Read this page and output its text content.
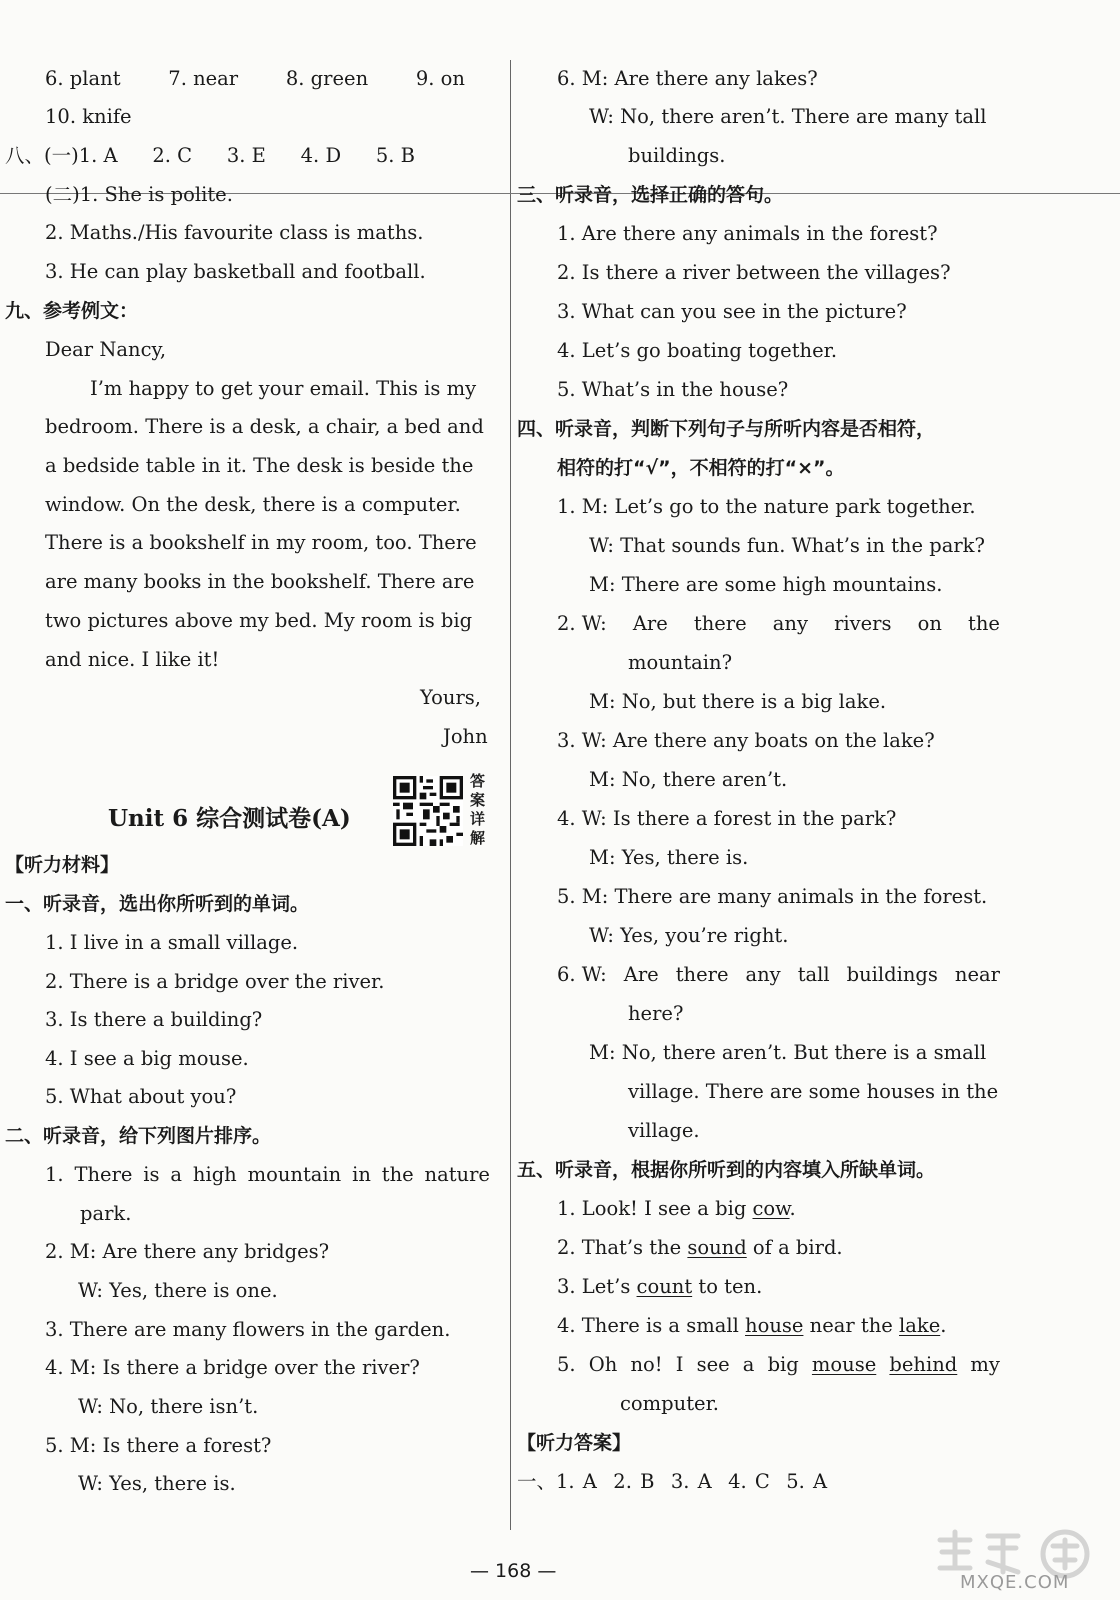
6. plant 7. near 8. green 9. on
10. knife
八、(一)1. A 2. C 3. E 4. D 5. B
(二)1. She is polite.
2. Maths./His favourite class is maths.
3. He can play basketball and football.
九、参考例文：
Dear Nancy,
I’m happy to get your email. This is my
bedroom. There is a desk, a chair, a bed and
a bedside table in it. The desk is beside the
window. On the desk, there is a computer.
There is a bookshelf in my room, too. There
are many books in the bookshelf. There are
two pictures above my bed. My room is big
and nice. I like it!
Yours,
John
Unit 6 综合测试卷(A)
答案详解
【听力材料】
一、听录音，选出你所听到的单词。
1. I live in a small village.
2. There is a bridge over the river.
3. Is there a building?
4. I see a big mouse.
5. What about you?
二、听录音，给下列图片排序。
1. There is a high mountain in the nature
park.
2. M: Are there any bridges?
W: Yes, there is one.
3. There are many flowers in the garden.
4. M: Is there a bridge over the river?
W: No, there isn’t.
5. M: Is there a forest?
W: Yes, there is.
6. M: Are there any lakes?
W: No, there aren’t. There are many tall
buildings.
三、听录音，选择正确的答句。
1. Are there any animals in the forest?
2. Is there a river between the villages?
3. What can you see in the picture?
4. Let’s go boating together.
5. What’s in the house?
四、听录音，判断下列句子与所听内容是否相符，
相符的打“√”，不相符的打“×”。
1. M: Let’s go to the nature park together.
W: That sounds fun. What’s in the park?
M: There are some high mountains.
2. W: Are there any rivers on the
mountain?
M: No, but there is a big lake.
3. W: Are there any boats on the lake?
M: No, there aren’t.
4. W: Is there a forest in the park?
M: Yes, there is.
5. M: There are many animals in the forest.
W: Yes, you’re right.
6. W: Are there any tall buildings near
here?
M: No, there aren’t. But there is a small
village. There are some houses in the
village.
五、听录音，根据你所听到的内容填入所缺单词。
1. Look! I see a big cow.
2. That’s the sound of a bird.
3. Let’s count to ten.
4. There is a small house near the lake.
5. Oh no! I see a big mouse behind my
computer.
【听力答案】
一、1. A  2. B  3. A  4. C  5. A
— 168 —
MXQE.COM
